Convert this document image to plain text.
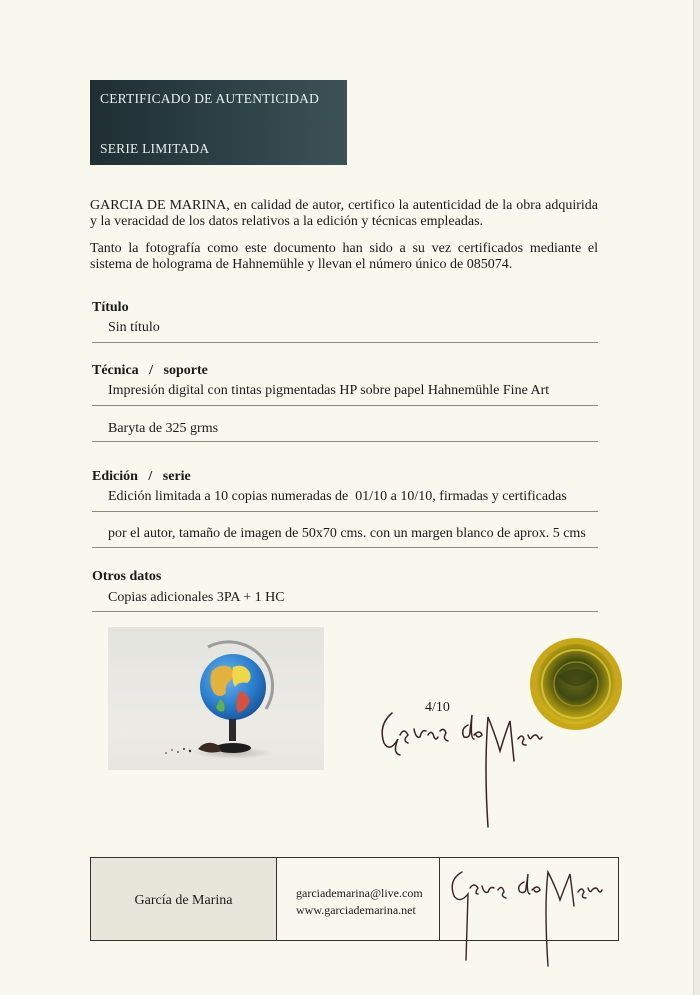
CERTIFICADO DE AUTENTICIDAD
SERIE LIMITADA
GARCIA DE MARINA, en calidad de autor, certifico la autenticidad de la obra adquirida y la veracidad de los datos relativos a la edición y técnicas empleadas.
Tanto la fotografía como este documento han sido a su vez certificados mediante el sistema de holograma de Hahnemühle y llevan el número único de 085074.
Título
Sin título
Técnica   /   soporte
Impresión digital con tintas pigmentadas HP sobre papel Hahnemühle Fine Art
Baryta de 325 grms
Edición   /   serie
Edición limitada a 10 copias numeradas de  01/10 a 10/10, firmadas y certificadas
por el autor, tamaño de imagen de 50x70 cms. con un margen blanco de aprox. 5 cms
Otros datos
Copias adicionales 3PA + 1 HC
4/10
García de Marina	garciademarina@live.com
www.garciademarina.net
